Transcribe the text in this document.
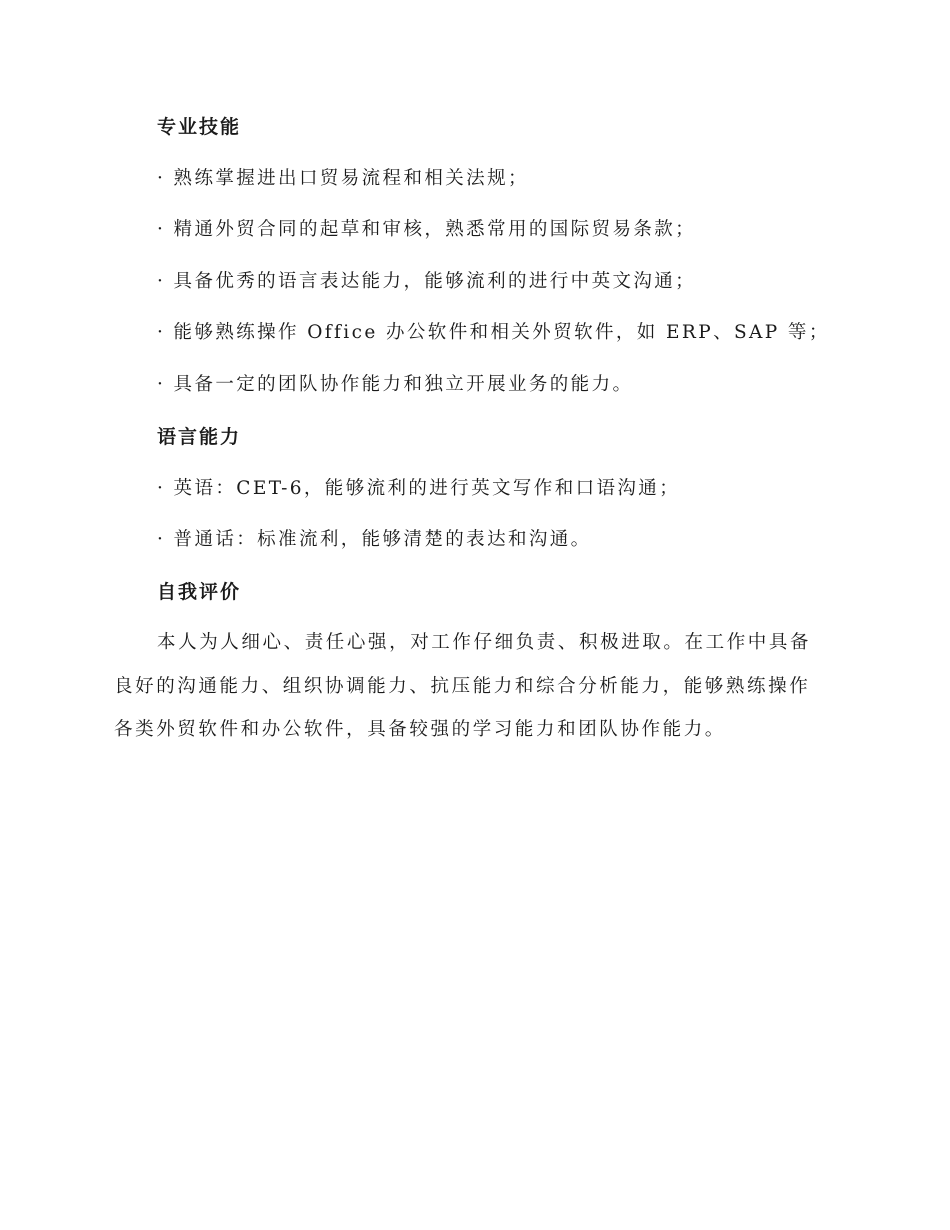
专业技能
· 熟练掌握进出口贸易流程和相关法规；
· 精通外贸合同的起草和审核，熟悉常用的国际贸易条款；
· 具备优秀的语言表达能力，能够流利的进行中英文沟通；
· 能够熟练操作 Office 办公软件和相关外贸软件，如 ERP、SAP 等；
· 具备一定的团队协作能力和独立开展业务的能力。
语言能力
· 英语：CET-6，能够流利的进行英文写作和口语沟通；
· 普通话：标准流利，能够清楚的表达和沟通。
自我评价
本人为人细心、责任心强，对工作仔细负责、积极进取。在工作中具备
良好的沟通能力、组织协调能力、抗压能力和综合分析能力，能够熟练操作
各类外贸软件和办公软件，具备较强的学习能力和团队协作能力。
